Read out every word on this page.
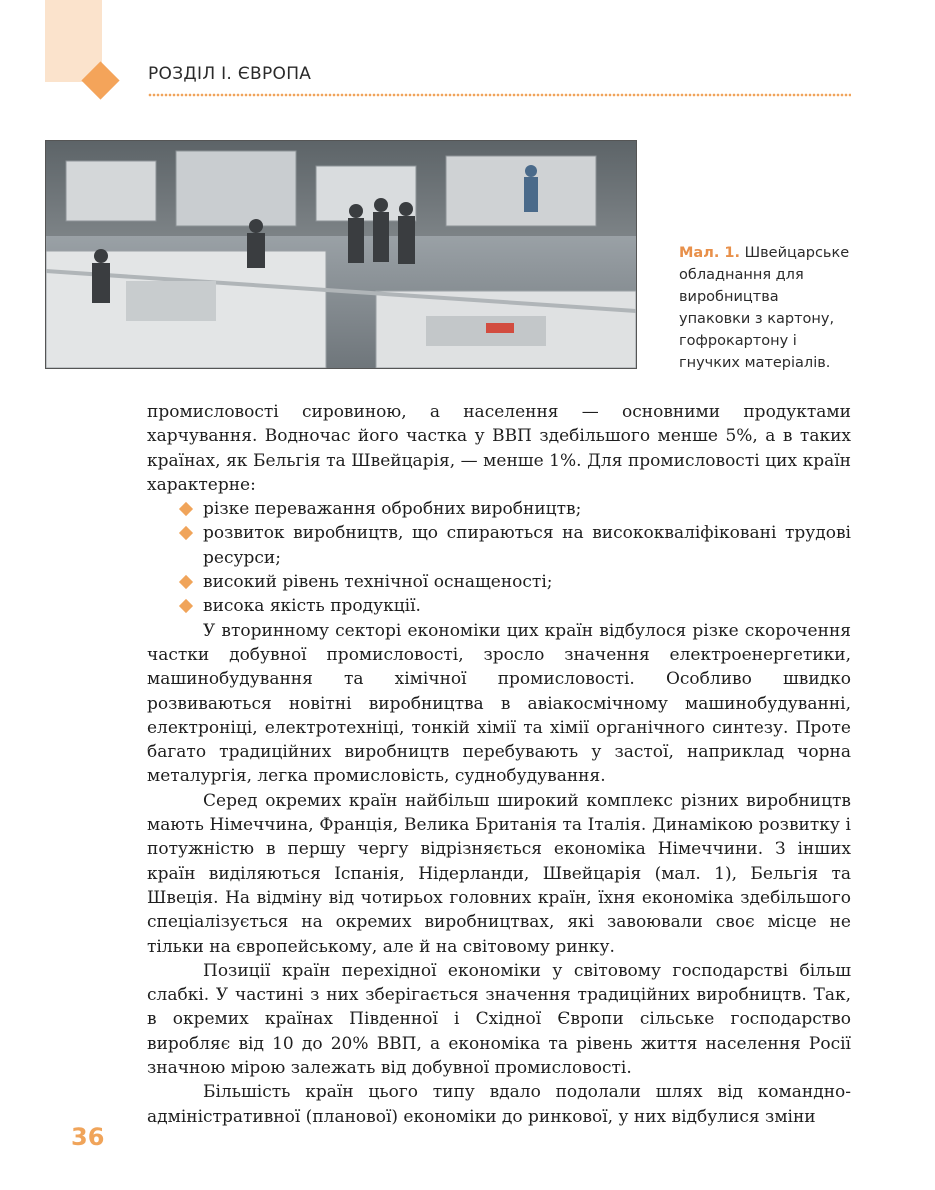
РОЗДІЛ І. ЄВРОПА

Мал. 1. Швейцарське обладнання для виробництва упаковки з картону, гофрокартону і гнучких матеріалів.

промисловості сировиною, а населення — основними продуктами харчування. Водночас його частка у ВВП здебільшого менше 5%, а в таких країнах, як Бельгія та Швейцарія, — менше 1%. Для промисловості цих країн характерне:

різке переважання обробних виробництв;
розвиток виробництв, що спираються на висококваліфіковані трудові ресурси;
високий рівень технічної оснащеності;
висока якість продукції.

У вторинному секторі економіки цих країн відбулося різке скорочення частки добувної промисловості, зросло значення електроенергетики, машинобудування та хімічної промисловості. Особливо швидко розвиваються новітні виробництва в авіакосмічному машинобудуванні, електроніці, електротехніці, тонкій хімії та хімії органічного синтезу. Проте багато традиційних виробництв перебувають у застої, наприклад чорна металургія, легка промисловість, суднобудування.

Серед окремих країн найбільш широкий комплекс різних виробництв мають Німеччина, Франція, Велика Британія та Італія. Динамікою розвитку і потужністю в першу чергу відрізняється економіка Німеччини. З інших країн виділяються Іспанія, Нідерланди, Швейцарія (мал. 1), Бельгія та Швеція. На відміну від чотирьох головних країн, їхня економіка здебільшого спеціалізується на окремих виробництвах, які завоювали своє місце не тільки на європейському, але й на світовому ринку.

Позиції країн перехідної економіки у світовому господарстві більш слабкі. У частині з них зберігається значення традиційних виробництв. Так, в окремих країнах Південної і Східної Європи сільське господарство виробляє від 10 до 20% ВВП, а економіка та рівень життя населення Росії значною мірою залежать від добувної промисловості.

Більшість країн цього типу вдало подолали шлях від командно-адміністративної (планової) економіки до ринкової, у них відбулися зміни

36
